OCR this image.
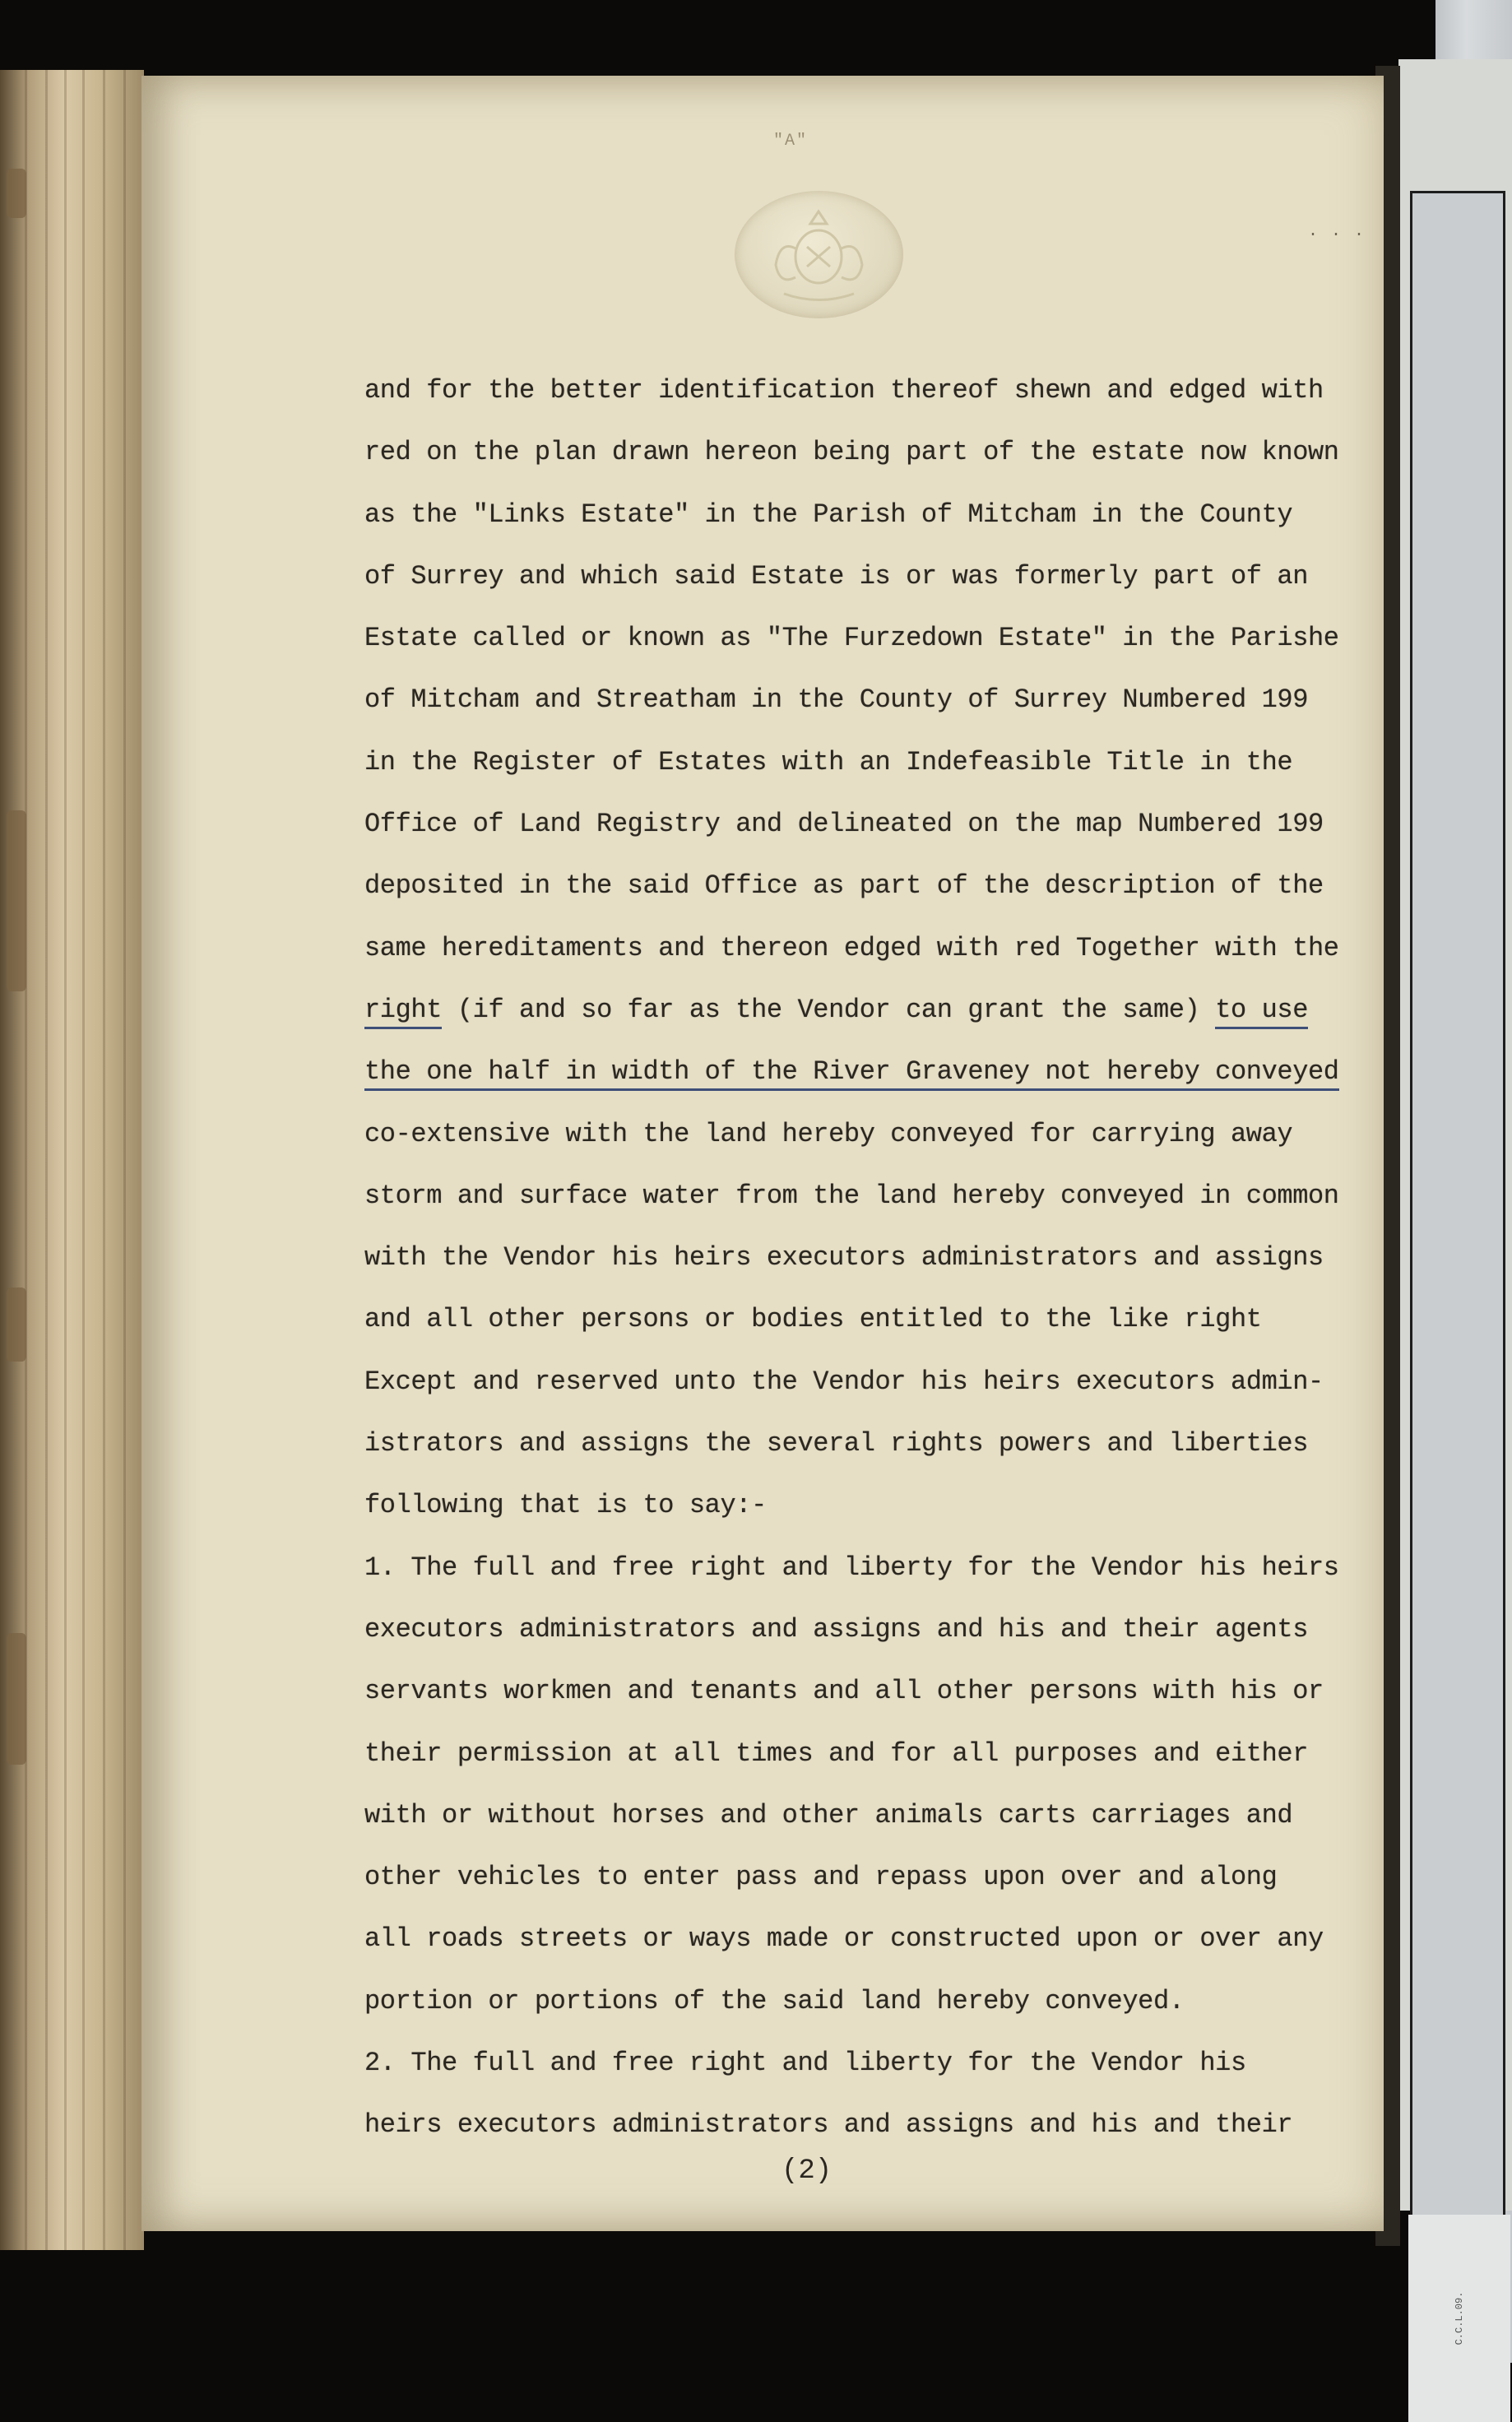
C.C.L.09.
"A"
. . .
and for the better identification thereof shewn and edged with
red on the plan drawn hereon being part of the estate now known
as the "Links Estate" in the Parish of Mitcham in the County
of Surrey and which said Estate is or was formerly part of an
Estate called or known as "The Furzedown Estate" in the Parishe
of Mitcham and Streatham in the County of Surrey Numbered 199
in the Register of Estates with an Indefeasible Title in the
Office of Land Registry and delineated on the map Numbered 199
deposited in the said Office as part of the description of the
same hereditaments and thereon edged with red Together with the
right (if and so far as the Vendor can grant the same) to use
the one half in width of the River Graveney not hereby conveyed
co-extensive with the land hereby conveyed for carrying away
storm and surface water from the land hereby conveyed in common
with the Vendor his heirs executors administrators and assigns
and all other persons or bodies entitled to the like right
Except and reserved unto the Vendor his heirs executors admin-
istrators and assigns the several rights powers and liberties
following that is to say:-
1. The full and free right and liberty for the Vendor his heirs
executors administrators and assigns and his and their agents
servants workmen and tenants and all other persons with his or
their permission at all times and for all purposes and either
with or without horses and other animals carts carriages and
other vehicles to enter pass and repass upon over and along
all roads streets or ways made or constructed upon or over any
portion or portions of the said land hereby conveyed.
2. The full and free right and liberty for the Vendor his
heirs executors administrators and assigns and his and their
(2)
